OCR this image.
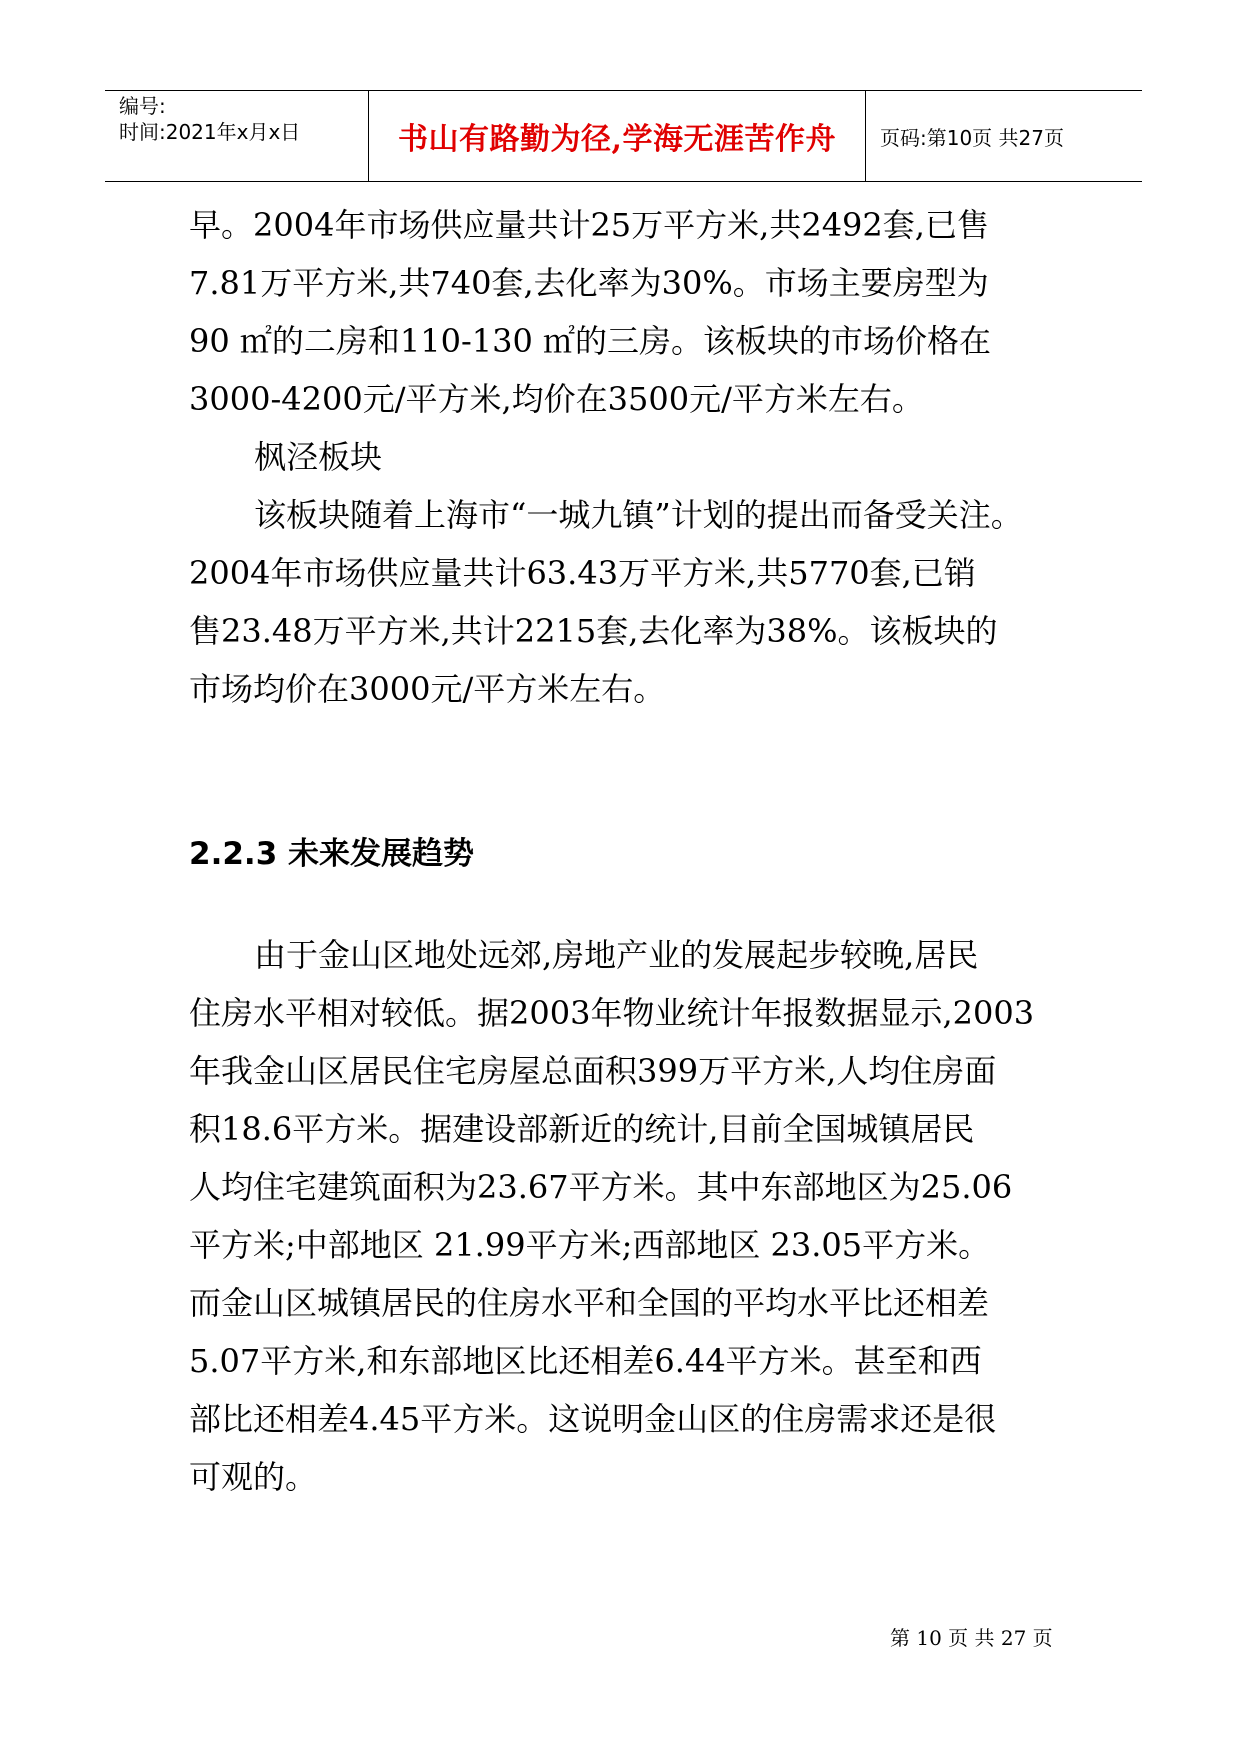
编号:
时间:2021年x月x日	书山有路勤为径,学海无涯苦作舟	页码:第10页 共27页
早。2004年市场供应量共计25万平方米,共2492套,已售
7.81万平方米,共740套,去化率为30%。市场主要房型为
90 ㎡的二房和110-130 ㎡的三房。该板块的市场价格在
3000-4200元/平方米,均价在3500元/平方米左右。
枫泾板块
该板块随着上海市“一城九镇”计划的提出而备受关注。
2004年市场供应量共计63.43万平方米,共5770套,已销
售23.48万平方米,共计2215套,去化率为38%。该板块的
市场均价在3000元/平方米左右。
2.2.3 未来发展趋势
由于金山区地处远郊,房地产业的发展起步较晚,居民
住房水平相对较低。据2003年物业统计年报数据显示,2003
年我金山区居民住宅房屋总面积399万平方米,人均住房面
积18.6平方米。据建设部新近的统计,目前全国城镇居民
人均住宅建筑面积为23.67平方米。其中东部地区为25.06
平方米;中部地区 21.99平方米;西部地区 23.05平方米。
而金山区城镇居民的住房水平和全国的平均水平比还相差
5.07平方米,和东部地区比还相差6.44平方米。甚至和西
部比还相差4.45平方米。这说明金山区的住房需求还是很
可观的。
第 10 页 共 27 页
